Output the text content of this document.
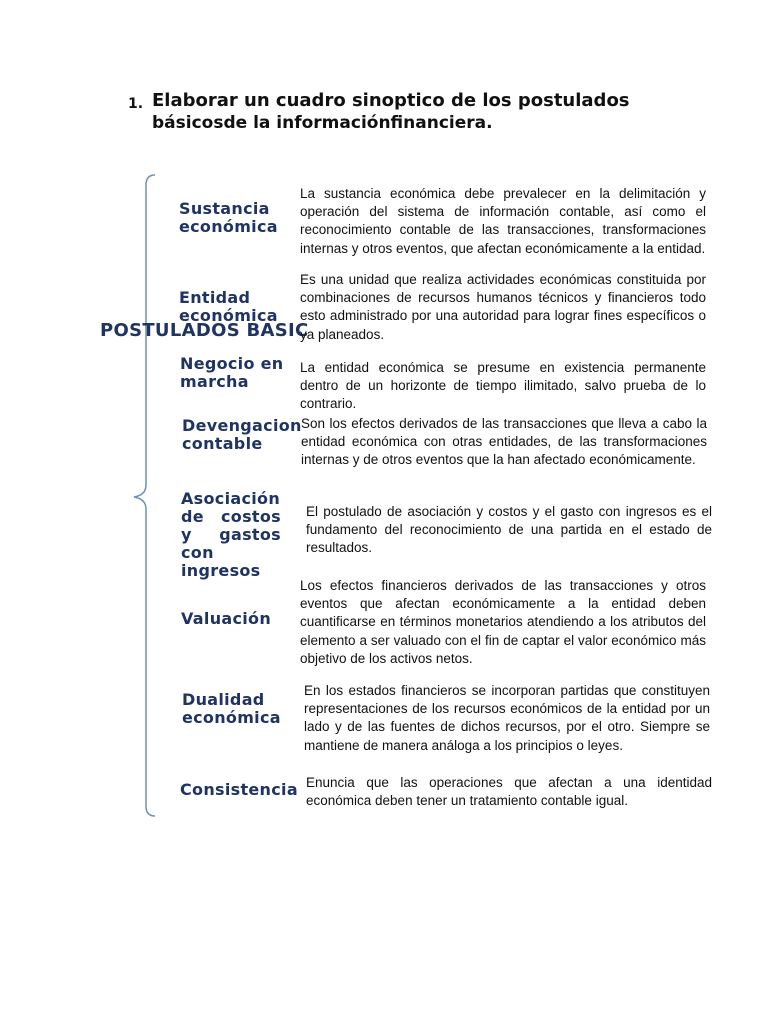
1. Elaborar un cuadro sinoptico de los postulados
básicosde la informaciónfinanciera.
POSTULADOS BASIC
Sustancia económica
La sustancia económica debe prevalecer en la delimitación y operación del sistema de información contable, así como el reconocimiento contable de las transacciones, transformaciones internas y otros eventos, que afectan económicamente a la entidad.
Entidad económica
Es una unidad que realiza actividades económicas constituida por combinaciones de recursos humanos técnicos y financieros todo esto administrado por una autoridad para lograr fines específicos o ya planeados.
Negocio en marcha
La entidad económica se presume en existencia permanente dentro de un horizonte de tiempo ilimitado, salvo prueba de lo contrario.
Devengacion contable
Son los efectos derivados de las transacciones que lleva a cabo la entidad económica con otras entidades, de las transformaciones internas y de otros eventos que la han afectado económicamente.
Asociación de costos y gastos con ingresos
El postulado de asociación y costos y el gasto con ingresos es el fundamento del reconocimiento de una partida en el estado de resultados.
Valuación
Los efectos financieros derivados de las transacciones y otros eventos que afectan económicamente a la entidad deben cuantificarse en términos monetarios atendiendo a los atributos del elemento a ser valuado con el fin de captar el valor económico más objetivo de los activos netos.
Dualidad económica
En los estados financieros se incorporan partidas que constituyen representaciones de los recursos económicos de la entidad por un lado y de las fuentes de dichos recursos, por el otro. Siempre se mantiene de manera análoga a los principios o leyes.
Consistencia Enuncia que las operaciones que afectan a una identidad económica deben tener un tratamiento contable igual.
